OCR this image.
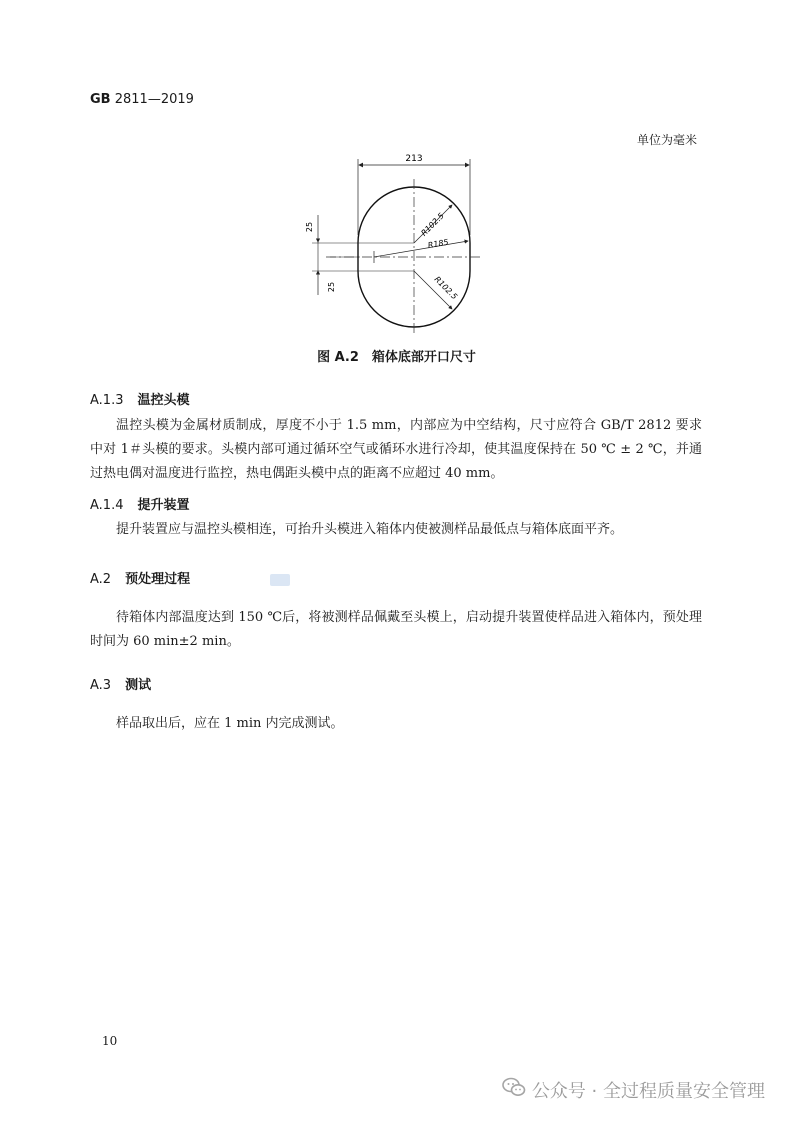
GB 2811—2019
单位为毫米
213
25
25
R102.5
R185
R102.5
图 A.2　箱体底部开口尺寸
A.1.3 温控头模
温控头模为金属材质制成，厚度不小于 1.5 mm，内部应为中空结构，尺寸应符合 GB/T 2812 要求中对 1＃头模的要求。头模内部可通过循环空气或循环水进行冷却，使其温度保持在 50 ℃ ± 2 ℃，并通过热电偶对温度进行监控，热电偶距头模中点的距离不应超过 40 mm。
A.1.4 提升装置
提升装置应与温控头模相连，可抬升头模进入箱体内使被测样品最低点与箱体底面平齐。
A.2 预处理过程
待箱体内部温度达到 150 ℃后，将被测样品佩戴至头模上，启动提升装置使样品进入箱体内，预处理时间为 60 min±2 min。
A.3 测试
样品取出后，应在 1 min 内完成测试。
10
公众号 · 全过程质量安全管理
